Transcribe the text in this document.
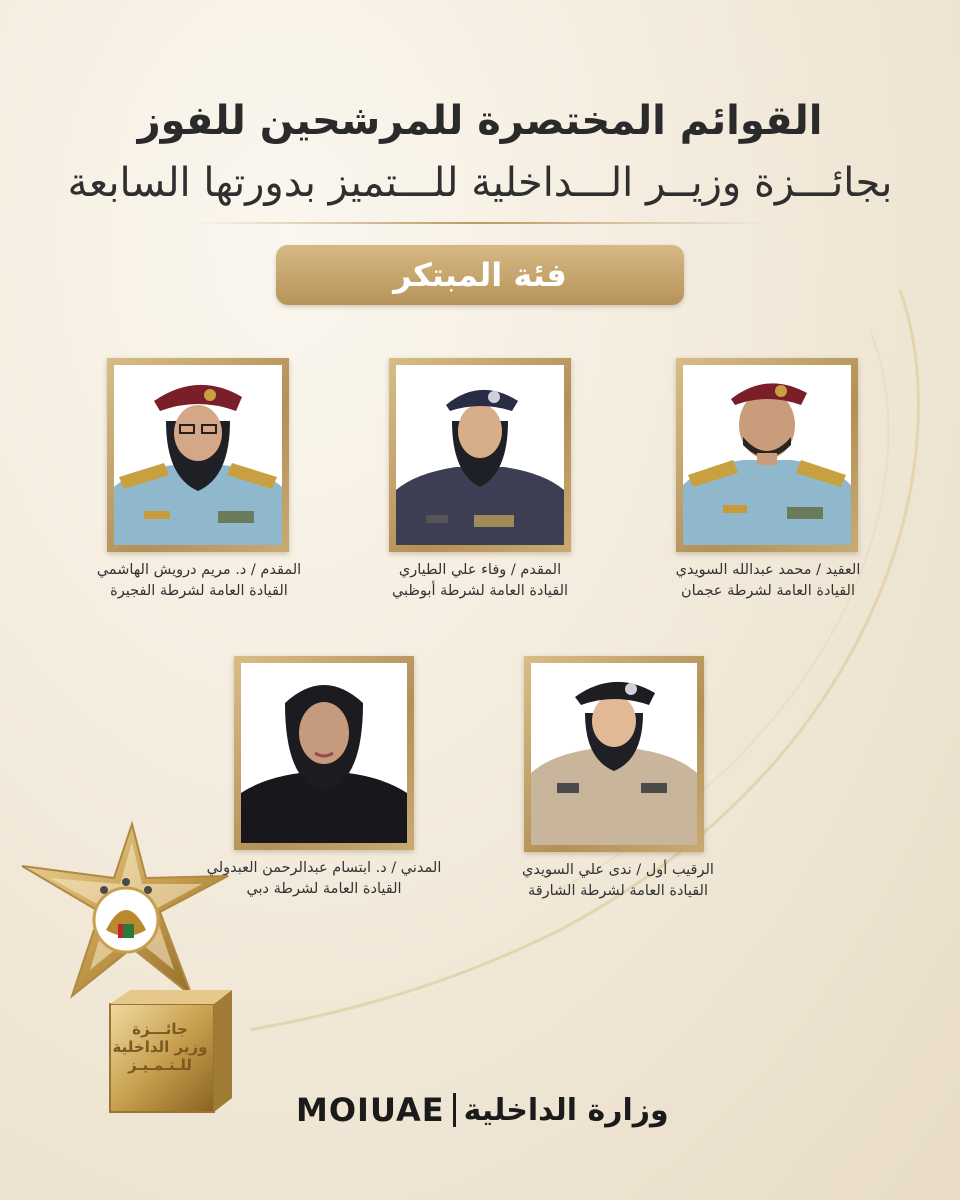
القوائم المختصرة للمرشحين للفوز
بجائـــزة وزيــر الـــداخلية للـــتميز بدورتها السابعة
فئة المبتكر
العقيد / محمد عبدالله السويدي
القيادة العامة لشرطة عجمان
المقدم / وفاء علي الطياري
القيادة العامة لشرطة أبوظبي
المقدم / د. مريم درويش الهاشمي
القيادة العامة لشرطة الفجيرة
الرقيب أول / ندى علي السويدي
القيادة العامة لشرطة الشارقة
المدني / د. ابتسام عبدالرحمن العبدولي
القيادة العامة لشرطة دبي
جائـــزة
وزير الداخلية
للـتـمـيـز
MOIUAE وزارة الداخلية
